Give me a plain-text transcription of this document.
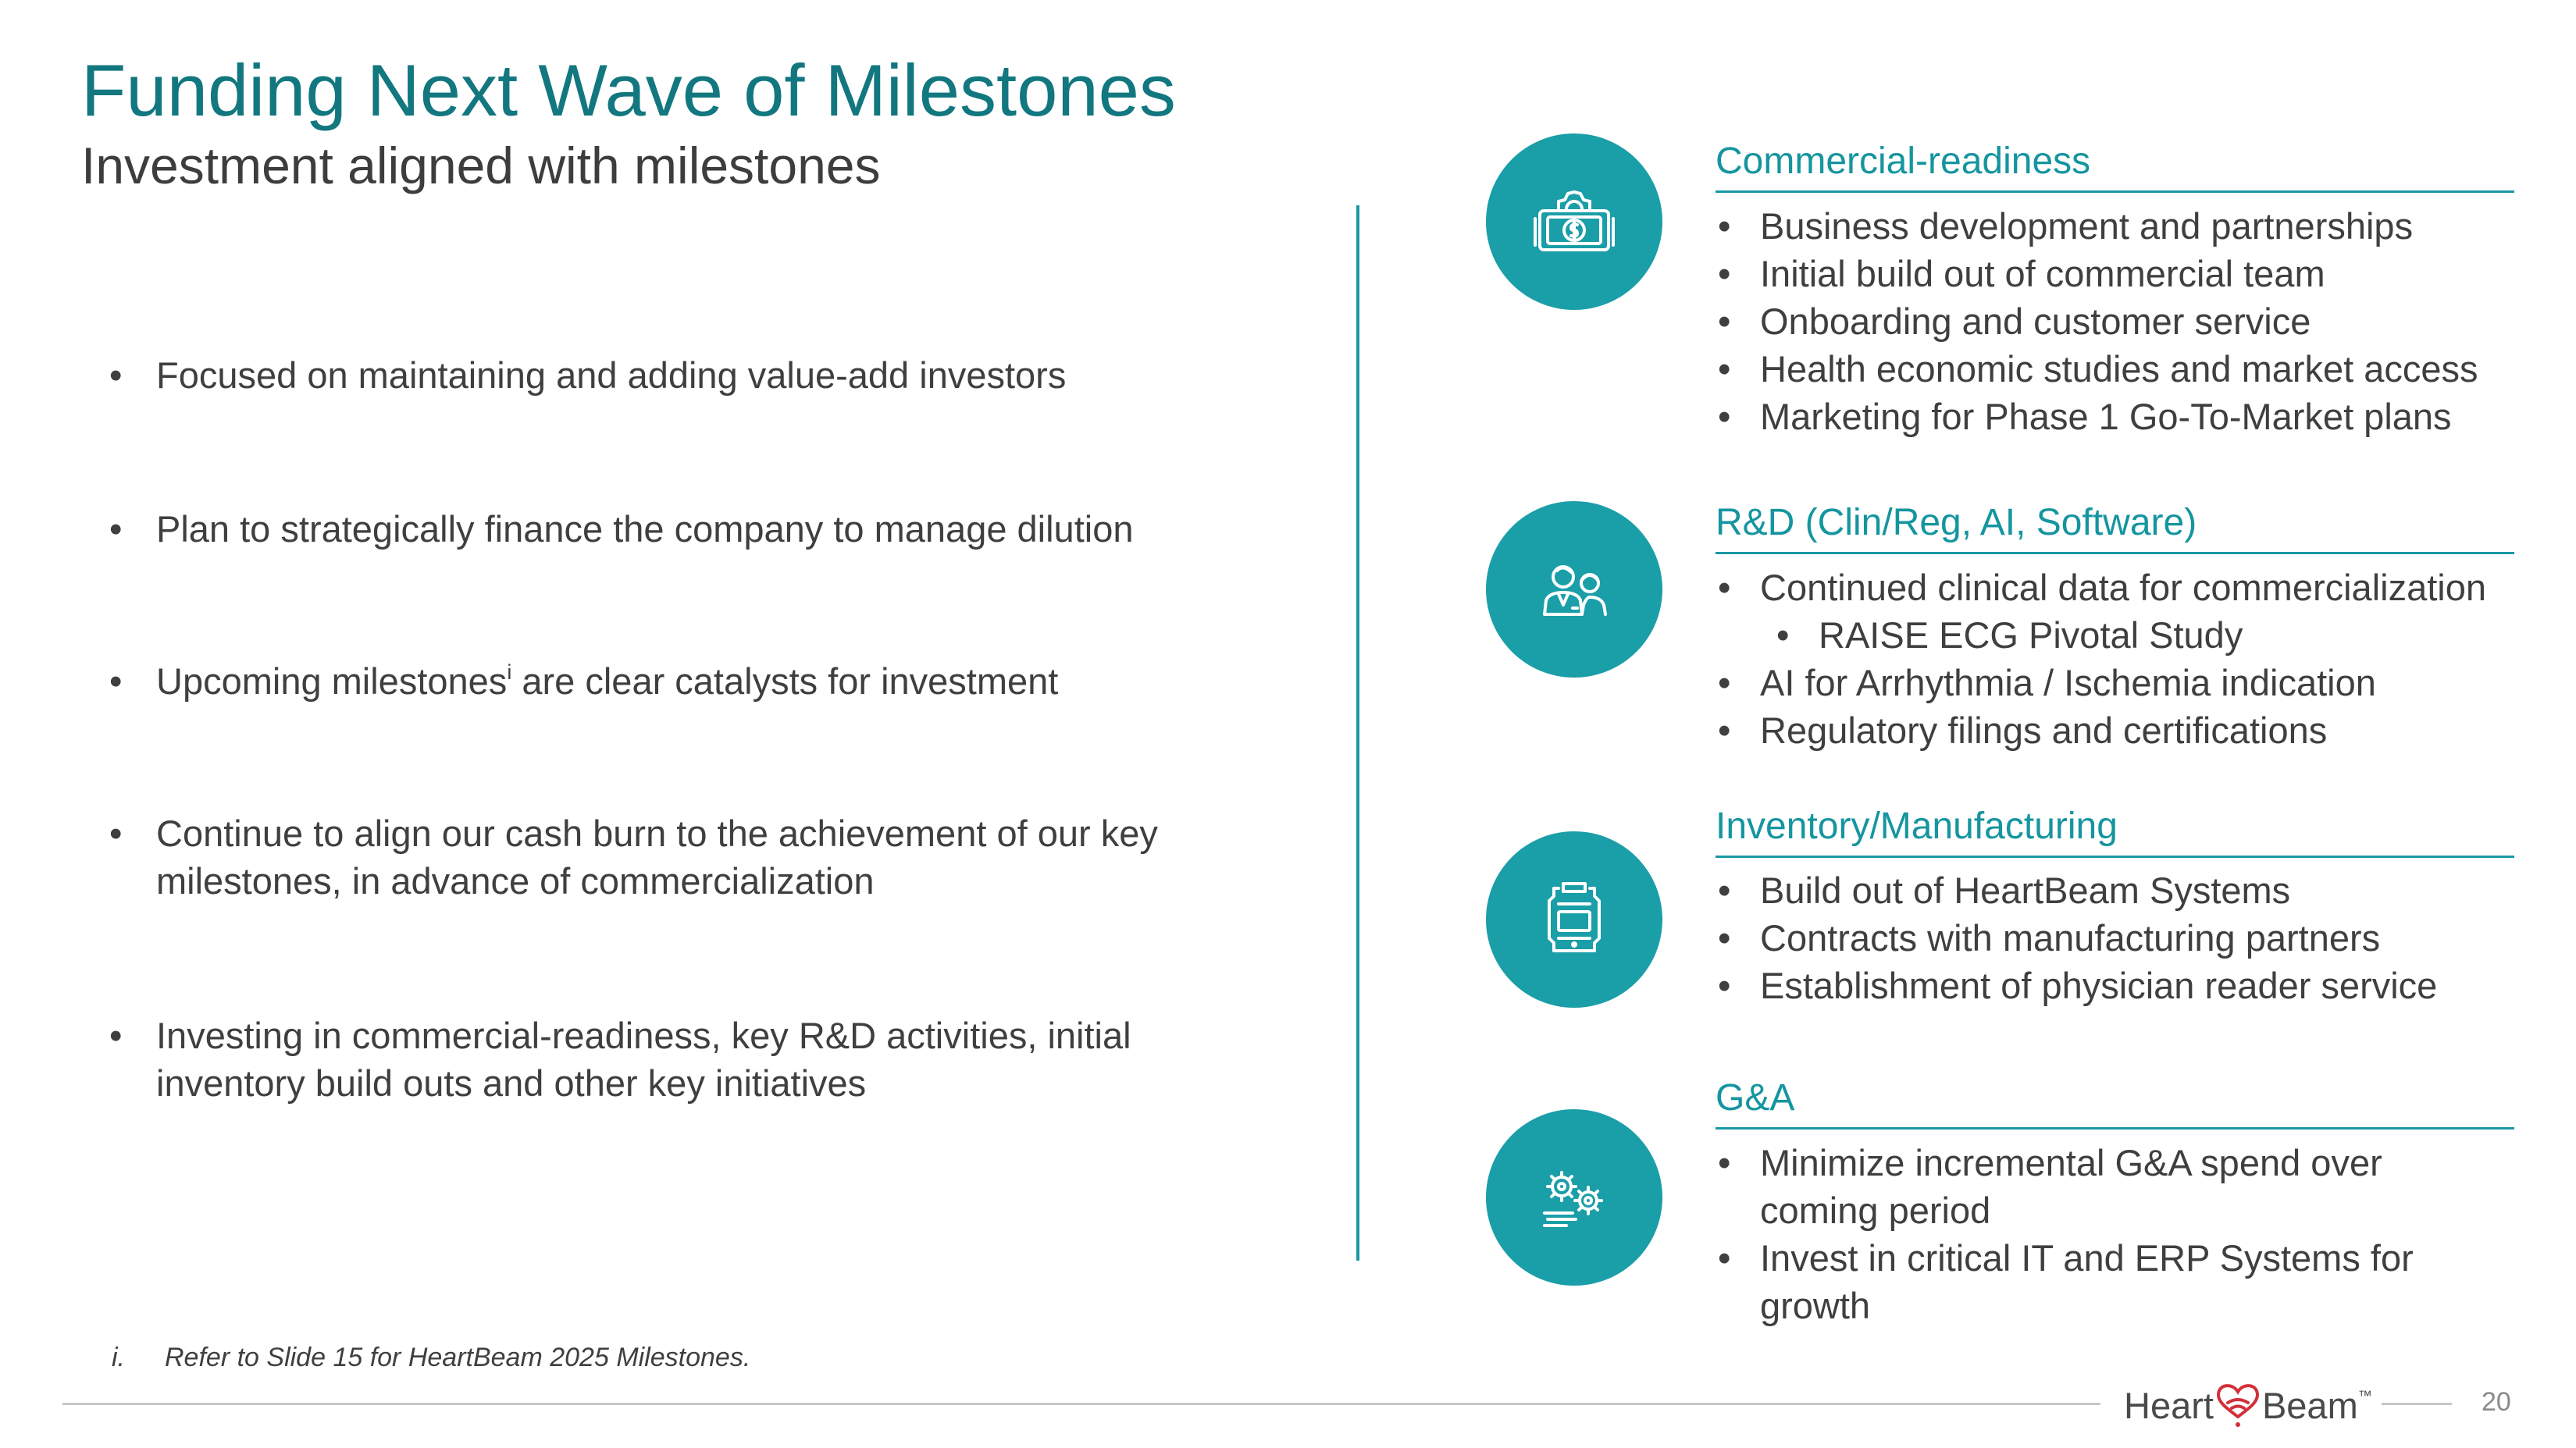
Funding Next Wave of Milestones
Investment aligned with milestones
• Focused on maintaining and adding value-add investors
• Plan to strategically finance the company to manage dilution
• Upcoming milestones$^i$ are clear catalysts for investment
• Continue to align our cash burn to the achievement of our key
milestones, in advance of commercialization
• Investing in commercial-readiness, key R&D activities, initial
inventory build outs and other key initiatives
Commercial-readiness
• Business development and partnerships
• Initial build out of commercial team
• Onboarding and customer service
• Health economic studies and market access
• Marketing for Phase 1 Go-To-Market plans
R&D (Clin/Reg, AI, Software)
• Continued clinical data for commercialization
• RAISE ECG Pivotal Study
• AI for Arrhythmia / Ischemia indication
• Regulatory filings and certifications
Inventory/Manufacturing
• Build out of HeartBeam Systems
• Contracts with manufacturing partners
• Establishment of physician reader service
G&A
• Minimize incremental G&A spend over
coming period
• Invest in critical IT and ERP Systems for
growth
i. Refer to Slide 15 for HeartBeam 2025 Milestones.
Heart Beam ™	20
